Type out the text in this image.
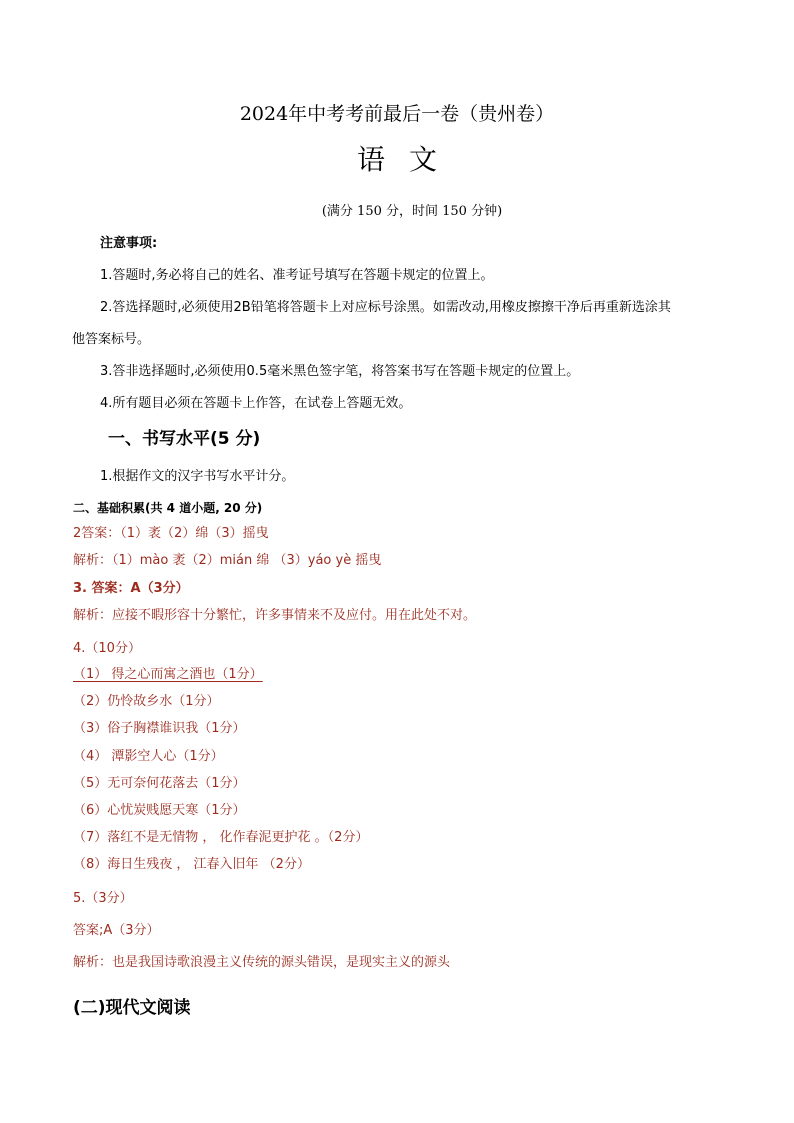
2024年中考考前最后一卷（贵州卷）
语文
(满分 150 分，时间 150 分钟)
注意事项:
1.答题时,务必将自己的姓名、准考证号填写在答题卡规定的位置上。
2.答选择题时,必须使用2B铅笔将答题卡上对应标号涂黑。如需改动,用橡皮擦擦干净后再重新选涂其
他答案标号。
3.答非选择题时,必须使用0.5毫米黑色签字笔，将答案书写在答题卡规定的位置上。
4.所有题目必须在答题卡上作答，在试卷上答题无效。
一、书写水平(5 分)
1.根据作文的汉字书写水平计分。
二、基础积累(共 4 道小题, 20 分)
2答案：（1）袤（2）绵（3）摇曳
解析：（1）mào 袤（2）mián 绵 （3）yáo yè 摇曳
3. 答案：A（3分）
解析：应接不暇形容十分繁忙，许多事情来不及应付。用在此处不对。
4.（10分）
（1） 得之心而寓之酒也（1分）
（2）仍怜故乡水（1分）
（3）俗子胸襟谁识我（1分）
（4） 潭影空人心（1分）
（5）无可奈何花落去（1分）
（6）心忧炭贱愿天寒（1分）
（7）落红不是无情物 ， 化作春泥更护花 。（2分）
（8）海日生残夜 ， 江春入旧年 （2分）
5.（3分）
答案;A（3分）
解析：也是我国诗歌浪漫主义传统的源头错误，是现实主义的源头
(二)现代文阅读
